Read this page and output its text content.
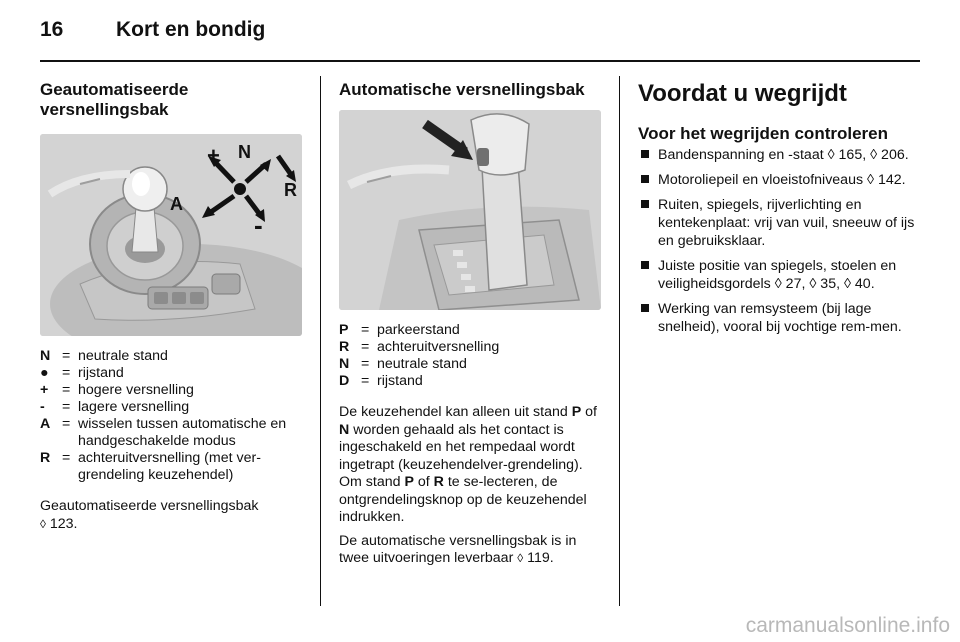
16	Kort en bondig
Geautomatiseerde versnellingsbak
+ N
R
A
-
N = neutrale stand
● = rijstand
+ = hogere versnelling
-	= lagere versnelling
A = wisselen tussen automatische en handgeschakelde modus
R = achteruitversnelling (met ver-grendeling keuzehendel)

Geautomatiseerde versnellingsbak
◊ 123.

Automatische versnellingsbak
P = parkeerstand
R = achteruitversnelling
N = neutrale stand
D = rijstand

De keuzehendel kan alleen uit stand P of N worden gehaald als het contact is ingeschakeld en het rempedaal wordt ingetrapt (keuzehendelver-grendeling). Om stand P of R te se-lecteren, de ontgrendelingsknop op de keuzehendel indrukken.

De automatische versnellingsbak is in twee uitvoeringen leverbaar ◊ 119.

Voordat u wegrijdt
Voor het wegrijden controleren
Bandenspanning en -staat ◊ 165, ◊ 206.
Motoroliepeil en vloeistofniveaus ◊ 142.
Ruiten, spiegels, rijverlichting en kentekenplaat: vrij van vuil, sneeuw of ijs en gebruiksklaar.
Juiste positie van spiegels, stoelen en veiligheidsgordels ◊ 27, ◊ 35, ◊ 40.
Werking van remsysteem (bij lage snelheid), vooral bij vochtige rem-men.
carmanualsonline.info
